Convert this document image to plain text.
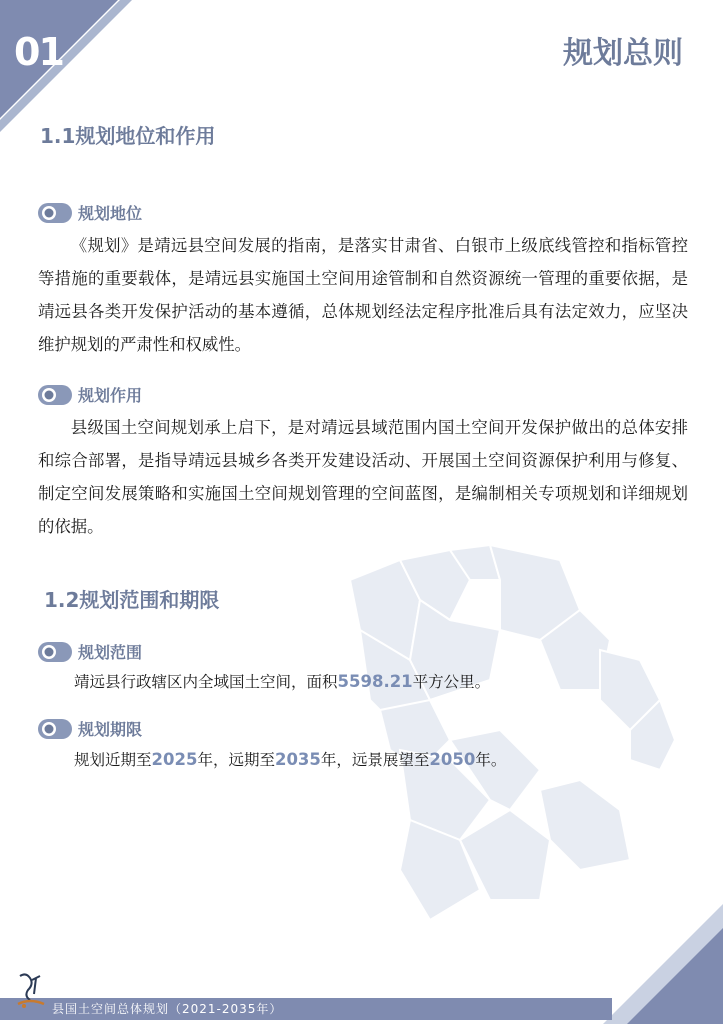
01	规划总则
1.1规划地位和作用
规划地位
《规划》是靖远县空间发展的指南，是落实甘肃省、白银市上级底线管控和指标管控等措施的重要载体，是靖远县实施国土空间用途管制和自然资源统一管理的重要依据，是靖远县各类开发保护活动的基本遵循，总体规划经法定程序批准后具有法定效力，应坚决维护规划的严肃性和权威性。
规划作用
县级国土空间规划承上启下，是对靖远县域范围内国土空间开发保护做出的总体安排和综合部署，是指导靖远县城乡各类开发建设活动、开展国土空间资源保护利用与修复、制定空间发展策略和实施国土空间规划管理的空间蓝图，是编制相关专项规划和详细规划的依据。
1.2规划范围和期限
规划范围
靖远县行政辖区内全域国土空间，面积5598.21平方公里。
规划期限
规划近期至2025年，远期至2035年，远景展望至2050年。
县国土空间总体规划（2021-2035年）
